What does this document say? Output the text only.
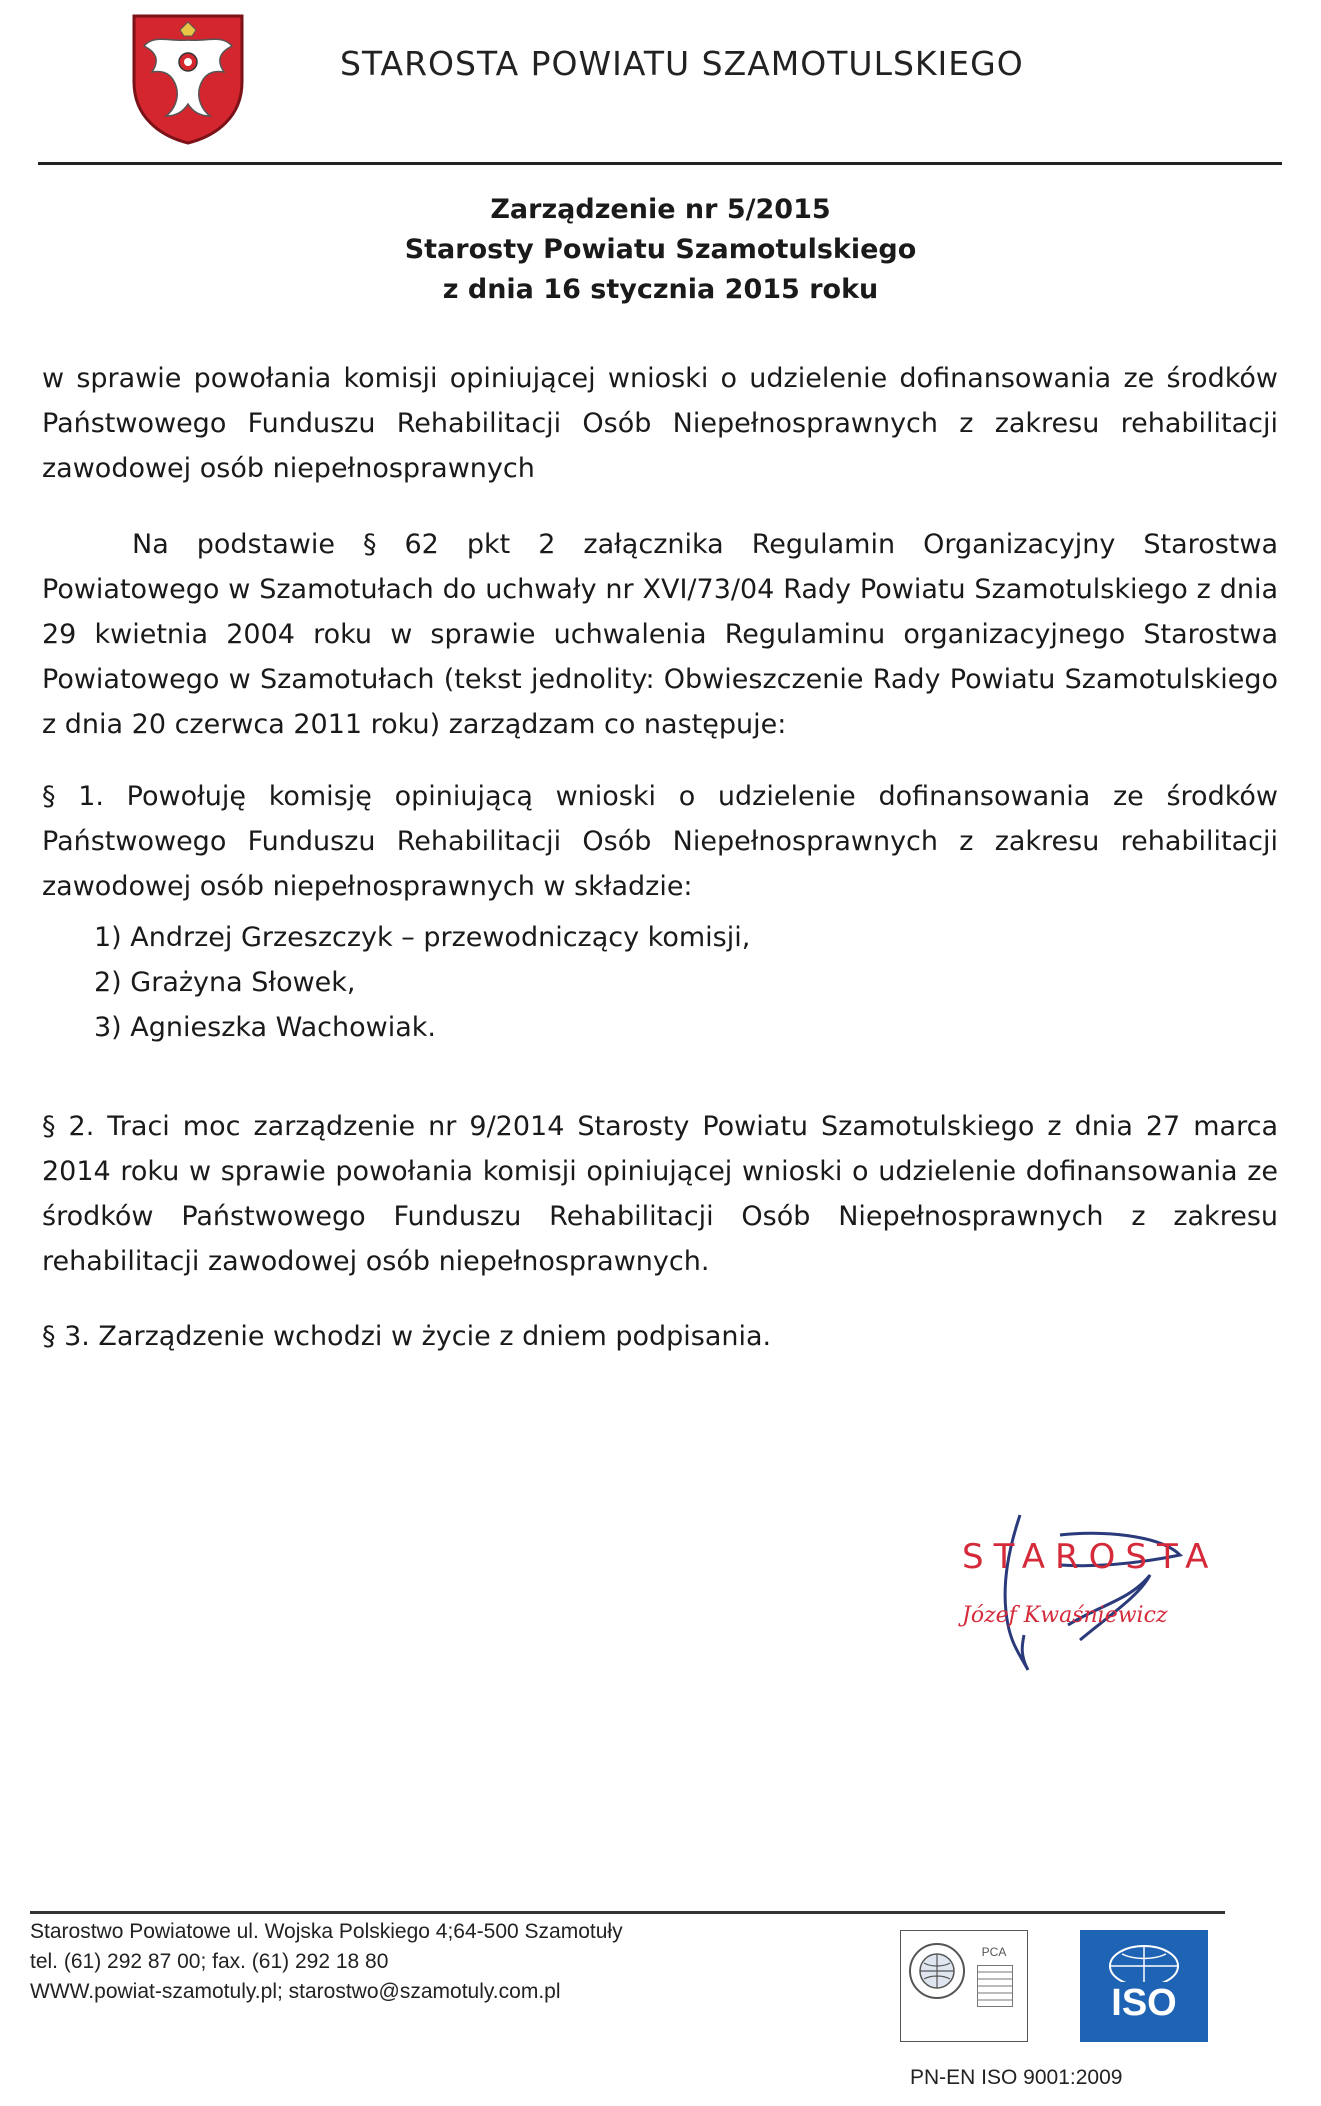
STAROSTA POWIATU SZAMOTULSKIEGO
Zarządzenie nr 5/2015
Starosty Powiatu Szamotulskiego
z dnia 16 stycznia 2015 roku
w sprawie powołania komisji opiniującej wnioski o udzielenie dofinansowania ze środków Państwowego Funduszu Rehabilitacji Osób Niepełnosprawnych z zakresu rehabilitacji zawodowej osób niepełnosprawnych
Na podstawie § 62 pkt 2 załącznika Regulamin Organizacyjny Starostwa Powiatowego w Szamotułach do uchwały nr XVI/73/04 Rady Powiatu Szamotulskiego z dnia 29 kwietnia 2004 roku w sprawie uchwalenia Regulaminu organizacyjnego Starostwa Powiatowego w Szamotułach (tekst jednolity: Obwieszczenie Rady Powiatu Szamotulskiego z dnia 20 czerwca 2011 roku) zarządzam co następuje:
§ 1. Powołuję komisję opiniującą wnioski o udzielenie dofinansowania ze środków Państwowego Funduszu Rehabilitacji Osób Niepełnosprawnych z zakresu rehabilitacji zawodowej osób niepełnosprawnych w składzie:
1) Andrzej Grzeszczyk – przewodniczący komisji,
2) Grażyna Słowek,
3) Agnieszka Wachowiak.
§ 2. Traci moc zarządzenie nr 9/2014 Starosty Powiatu Szamotulskiego z dnia 27 marca 2014 roku w sprawie powołania komisji opiniującej wnioski o udzielenie dofinansowania ze środków Państwowego Funduszu Rehabilitacji Osób Niepełnosprawnych z zakresu rehabilitacji zawodowej osób niepełnosprawnych.
§ 3. Zarządzenie wchodzi w życie z dniem podpisania.
STAROSTA
Józef Kwaśniewicz
Starostwo Powiatowe ul. Wojska Polskiego 4;64-500 Szamotuły
tel. (61) 292 87 00; fax. (61) 292 18 80
WWW.powiat-szamotuly.pl; starostwo@szamotuly.com.pl
PCA
ISO
PN-EN ISO 9001:2009
